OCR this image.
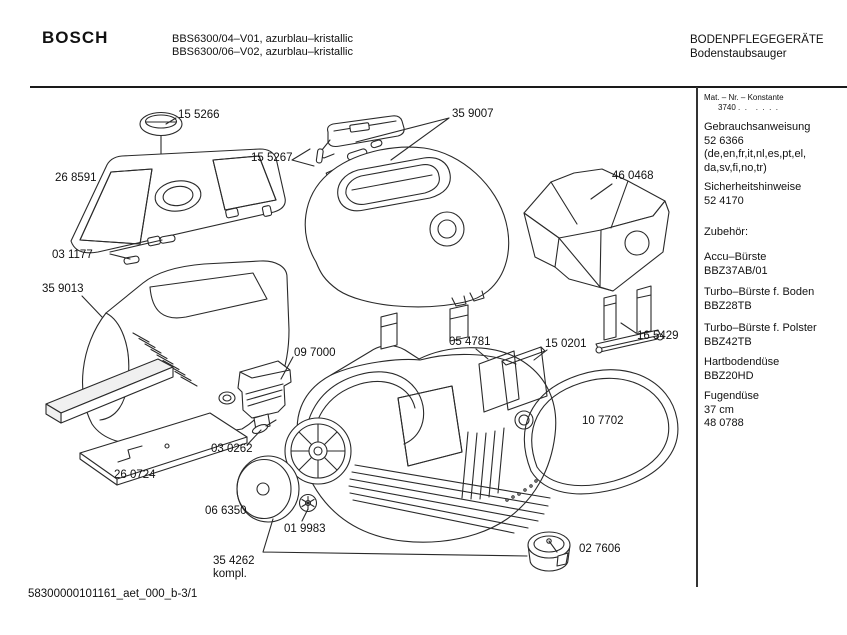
BOSCH	BBS6300/04–V01, azurblau–kristallic
BBS6300/06–V02, azurblau–kristallic
BODENPFLEGEGERÄTE
Bodenstaubsauger
Mat. – Nr. – Konstante
3740 .  .    .  .  .  .
Gebrauchsanweisung
52 6366
(de,en,fr,it,nl,es,pt,el,
da,sv,fi,no,tr)
Sicherheitshinweise
52 4170
Zubehör:
Accu–Bürste
BBZ37AB/01
Turbo–Bürste f. Boden
BBZ28TB
Turbo–Bürste f. Polster
BBZ42TB
Hartbodendüse
BBZ20HD
Fugendüse
37 cm
48 0788
15 5266
26 8591
15 5267
35 9007
46 0468
03 1177
35 9013
16 5429
09 7000
05 4781	15 0201
10 7702
03 0262
26 0724
06 6350
01 9983
02 7606
35 4262
kompl.
58300000101161_aet_000_b-3/1
